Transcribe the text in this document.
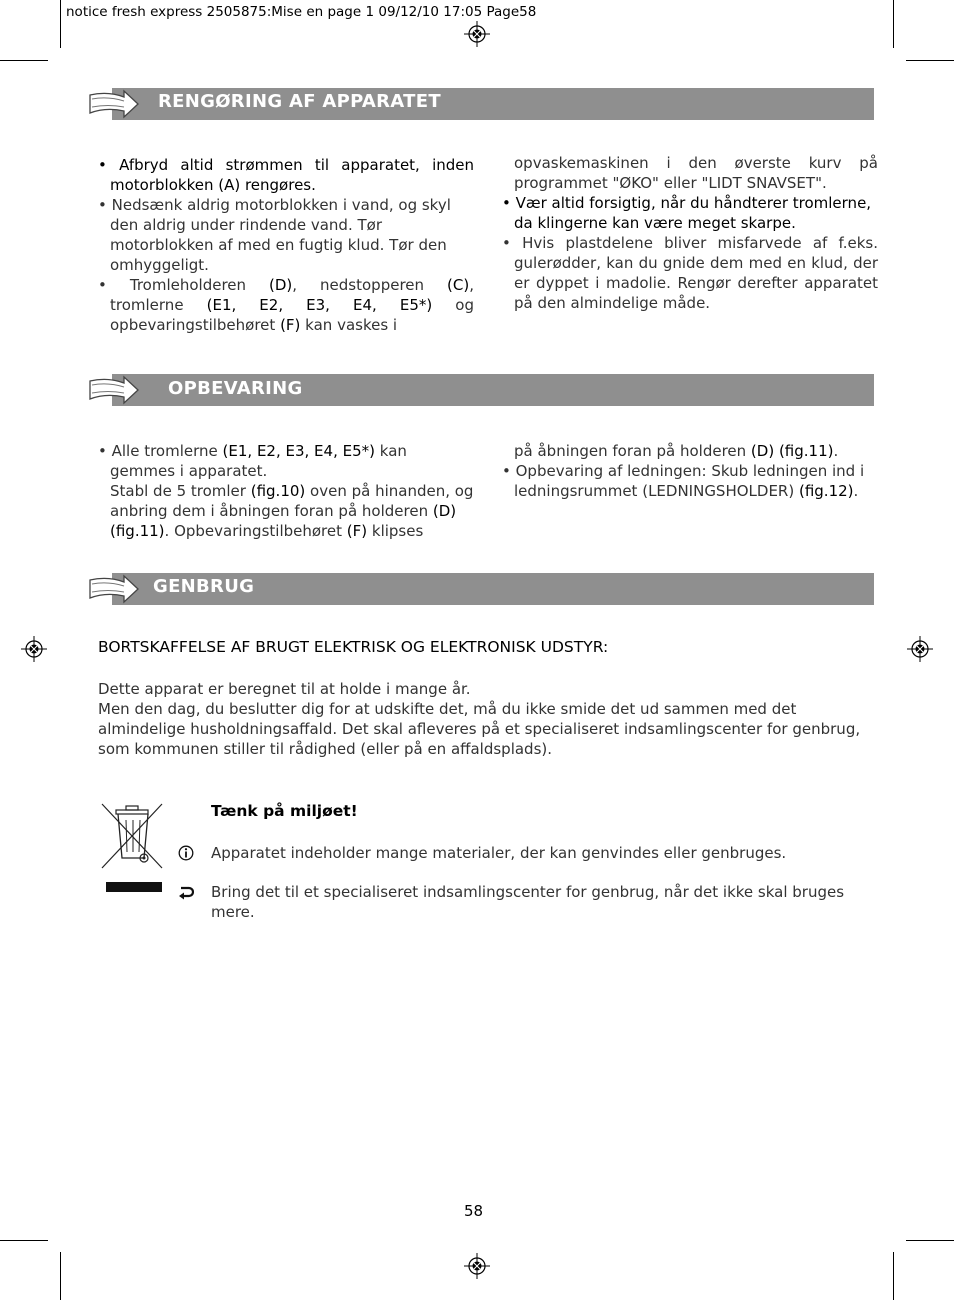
notice fresh express 2505875:Mise en page 1 09/12/10 17:05 Page58
RENGØRING AF APPARATET

• Afbryd altid strømmen til apparatet, inden motorblokken (A) rengøres.

• Nedsænk aldrig motorblokken i vand, og skyl den aldrig under rindende vand. Tør motorblokken af med en fugtig klud. Tør den omhyggeligt.

• Tromleholderen (D), nedstopperen (C), tromlerne (E1, E2, E3, E4, E5*) og opbevaringstilbehøret (F) kan vaskes i

opvaskemaskinen i den øverste kurv på programmet "ØKO" eller "LIDT SNAVSET".

• Vær altid forsigtig, når du håndterer tromlerne, da klingerne kan være meget skarpe.

• Hvis plastdelene bliver misfarvede af f.eks. gulerødder, kan du gnide dem med en klud, der er dyppet i madolie. Rengør derefter apparatet på den almindelige måde.

OPBEVARING

• Alle tromlerne (E1, E2, E3, E4, E5*) kan gemmes i apparatet.
Stabl de 5 tromler (fig.10) oven på hinanden, og anbring dem i åbningen foran på holderen (D) (fig.11). Opbevaringstilbehøret (F) klipses

på åbningen foran på holderen (D) (fig.11).

• Opbevaring af ledningen: Skub ledningen ind i ledningsrummet (LEDNINGSHOLDER) (fig.12).

GENBRUG
BORTSKAFFELSE AF BRUGT ELEKTRISK OG ELEKTRONISK UDSTYR:

Dette apparat er beregnet til at holde i mange år.

Men den dag, du beslutter dig for at udskifte det, må du ikke smide det ud sammen med det almindelige husholdningsaffald. Det skal afleveres på et specialiseret indsamlingscenter for genbrug, som kommunen stiller til rådighed (eller på en affaldsplads).

Tænk på miljøet!
Apparatet indeholder mange materialer, der kan genvindes eller genbruges.
Bring det til et specialiseret indsamlingscenter for genbrug, når det ikke skal bruges mere.
58
